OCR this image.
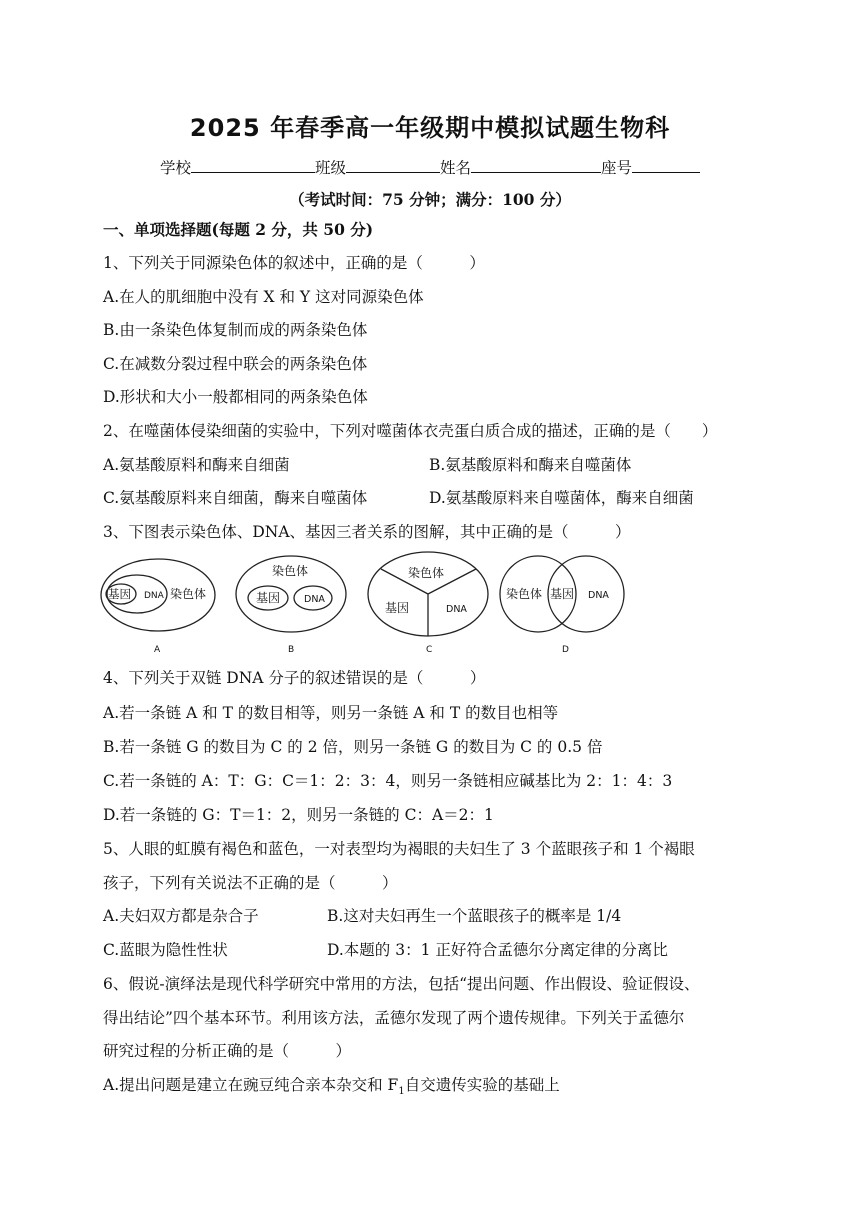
2025 年春季高一年级期中模拟试题生物科
学校	班级	姓名	座号
（考试时间：75 分钟；满分：100 分）
一、单项选择题(每题 2 分，共 50 分)
1、下列关于同源染色体的叙述中，正确的是（　　　）
A.在人的肌细胞中没有 X 和 Y 这对同源染色体
B.由一条染色体复制而成的两条染色体
C.在减数分裂过程中联会的两条染色体
D.形状和大小一般都相同的两条染色体
2、在噬菌体侵染细菌的实验中，下列对噬菌体衣壳蛋白质合成的描述，正确的是（　　）
A.氨基酸原料和酶来自细菌	B.氨基酸原料和酶来自噬菌体
C.氨基酸原料来自细菌，酶来自噬菌体	D.氨基酸原料来自噬菌体，酶来自细菌
3、下图表示染色体、DNA、基因三者关系的图解，其中正确的是（　　　）
基因 DNA 染色体
染色体
基因	DNA
染色体
基因	DNA
染色体 基因 DNA
A	B	C	D
4、下列关于双链 DNA 分子的叙述错误的是（　　　）
A.若一条链 A 和 T 的数目相等，则另一条链 A 和 T 的数目也相等
B.若一条链 G 的数目为 C 的 2 倍，则另一条链 G 的数目为 C 的 0.5 倍
C.若一条链的 A：T：G：C＝1：2：3：4，则另一条链相应碱基比为 2：1：4：3
D.若一条链的 G：T＝1：2，则另一条链的 C：A＝2：1
5、人眼的虹膜有褐色和蓝色，一对表型均为褐眼的夫妇生了 3 个蓝眼孩子和 1 个褐眼
孩子，下列有关说法不正确的是（　　　）
A.夫妇双方都是杂合子	B.这对夫妇再生一个蓝眼孩子的概率是 1/4
C.蓝眼为隐性性状	D.本题的 3：1 正好符合孟德尔分离定律的分离比
6、假说-演绎法是现代科学研究中常用的方法，包括“提出问题、作出假设、验证假设、
得出结论”四个基本环节。利用该方法，孟德尔发现了两个遗传规律。下列关于孟德尔
研究过程的分析正确的是（　　　）
A.提出问题是建立在豌豆纯合亲本杂交和 $F_1$自交遗传实验的基础上
